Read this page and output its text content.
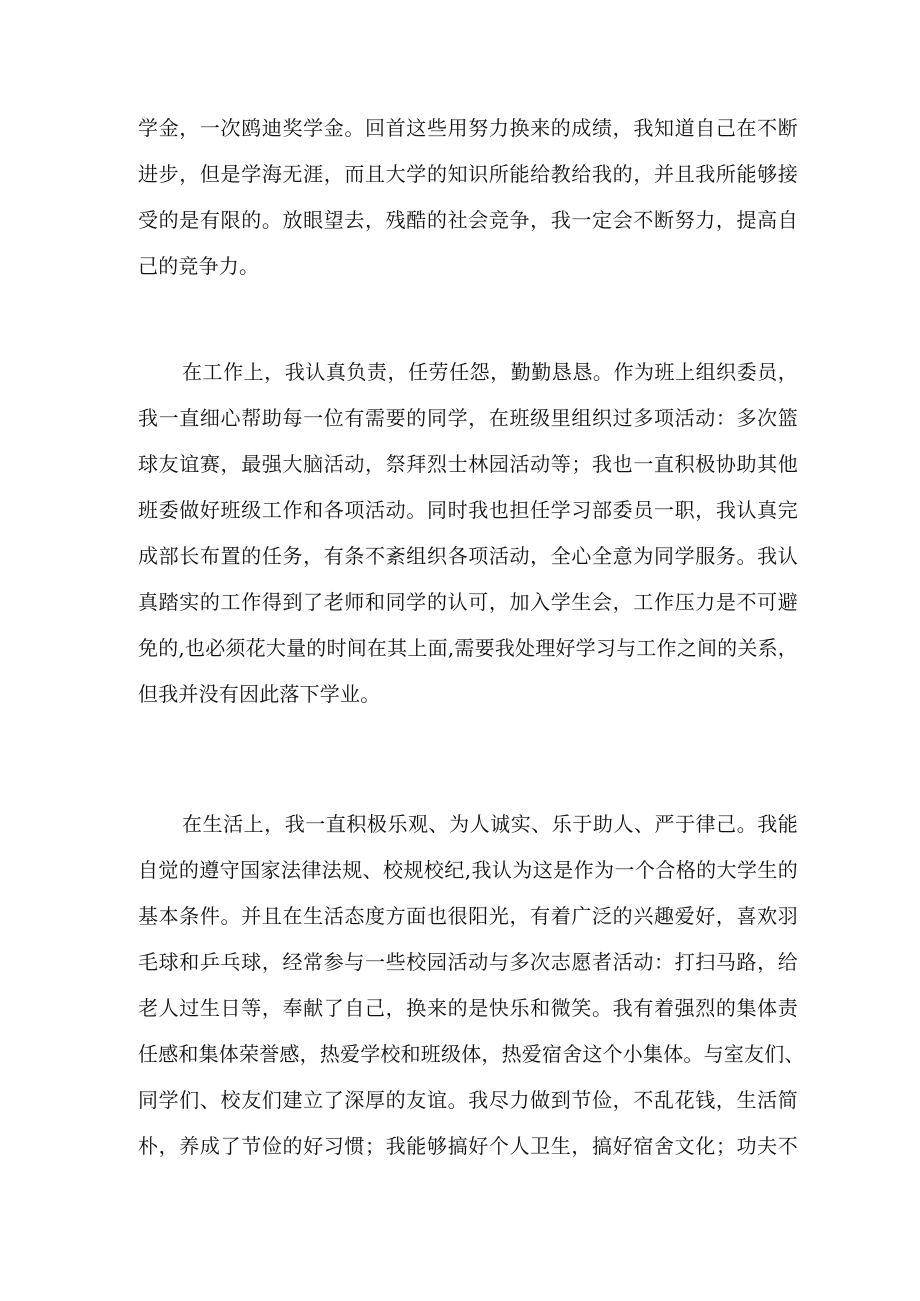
学金，一次鸥迪奖学金。回首这些用努力换来的成绩，我知道自己在不断
进步，但是学海无涯，而且大学的知识所能给教给我的，并且我所能够接
受的是有限的。放眼望去，残酷的社会竞争，我一定会不断努力，提高自
己的竞争力。
在工作上，我认真负责，任劳任怨，勤勤恳恳。作为班上组织委员，
我一直细心帮助每一位有需要的同学，在班级里组织过多项活动：多次篮
球友谊赛，最强大脑活动，祭拜烈士林园活动等；我也一直积极协助其他
班委做好班级工作和各项活动。同时我也担任学习部委员一职，我认真完
成部长布置的任务，有条不紊组织各项活动，全心全意为同学服务。我认
真踏实的工作得到了老师和同学的认可，加入学生会，工作压力是不可避
免的,也必须花大量的时间在其上面,需要我处理好学习与工作之间的关系，
但我并没有因此落下学业。
在生活上，我一直积极乐观、为人诚实、乐于助人、严于律己。我能
自觉的遵守国家法律法规、校规校纪,我认为这是作为一个合格的大学生的
基本条件。并且在生活态度方面也很阳光，有着广泛的兴趣爱好，喜欢羽
毛球和乒乓球，经常参与一些校园活动与多次志愿者活动：打扫马路，给
老人过生日等，奉献了自己，换来的是快乐和微笑。我有着强烈的集体责
任感和集体荣誉感，热爱学校和班级体，热爱宿舍这个小集体。与室友们、
同学们、校友们建立了深厚的友谊。我尽力做到节俭，不乱花钱，生活简
朴，养成了节俭的好习惯；我能够搞好个人卫生，搞好宿舍文化；功夫不
